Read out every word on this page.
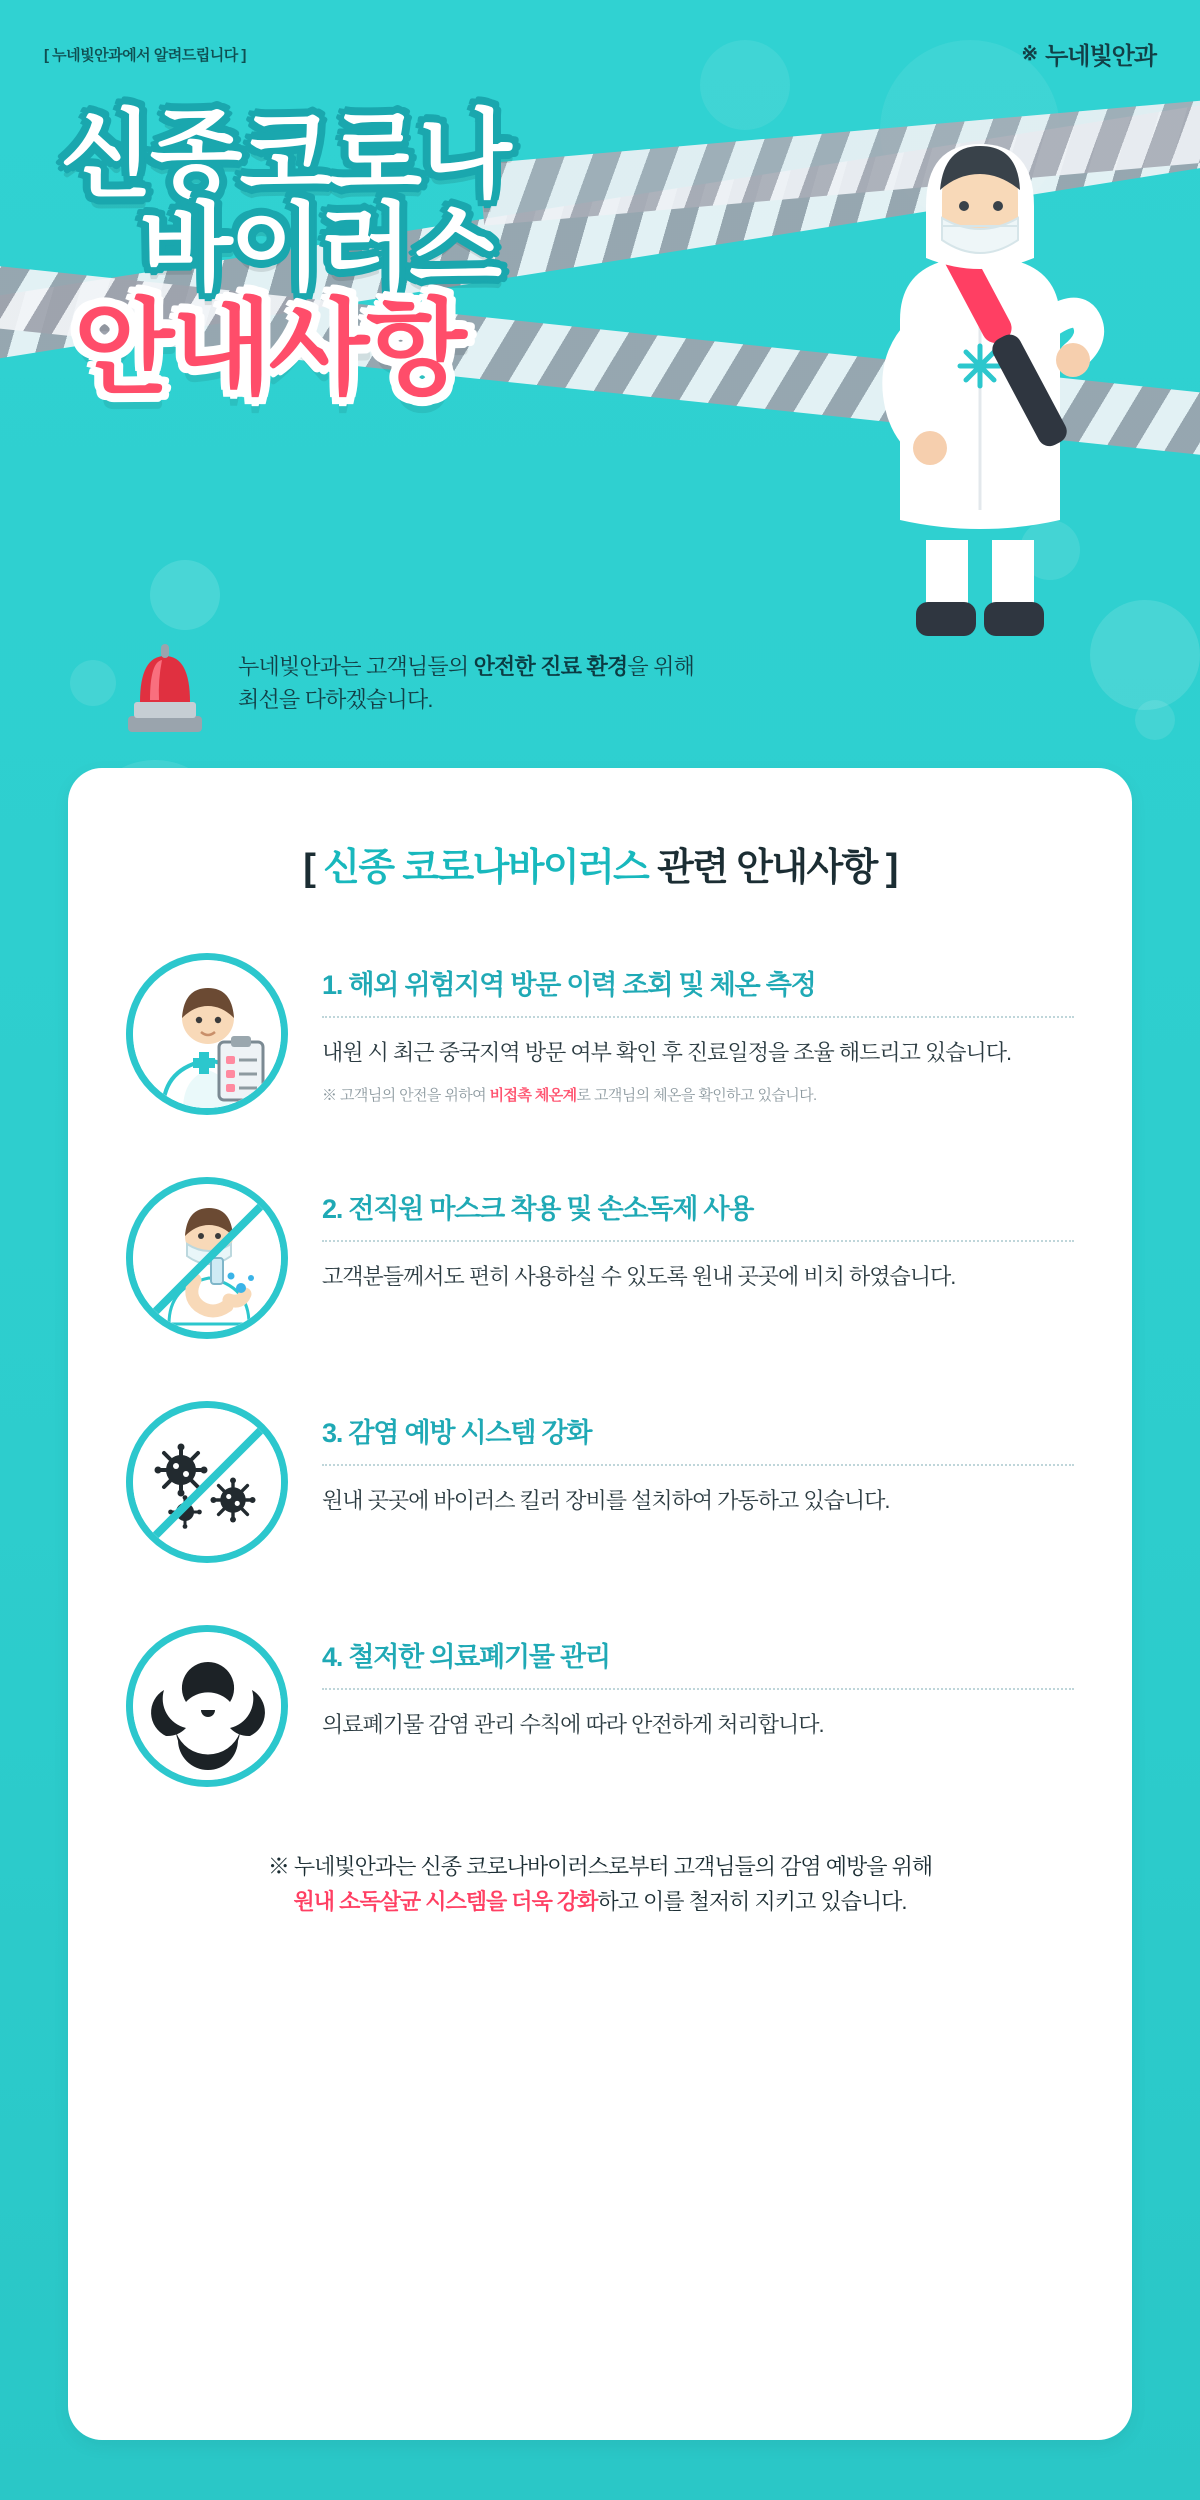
[ 누네빛안과에서 알려드립니다 ]	※ 누네빛안과
신종코로나
바이러스
안내사항
누네빛안과는 고객님들의 안전한 진료 환경을 위해
최선을 다하겠습니다.
[ 신종 코로나바이러스 관련 안내사항 ]
1. 해외 위험지역 방문 이력 조회 및 체온 측정
내원 시 최근 중국지역 방문 여부 확인 후 진료일정을 조율 해드리고 있습니다.
※ 고객님의 안전을 위하여 비접촉 체온계로 고객님의 체온을 확인하고 있습니다.
2. 전직원 마스크 착용 및 손소독제 사용
고객분들께서도 편히 사용하실 수 있도록 원내 곳곳에 비치 하였습니다.
3. 감염 예방 시스템 강화
원내 곳곳에 바이러스 킬러 장비를 설치하여 가동하고 있습니다.
4. 철저한 의료폐기물 관리
의료폐기물 감염 관리 수칙에 따라 안전하게 처리합니다.
※ 누네빛안과는 신종 코로나바이러스로부터 고객님들의 감염 예방을 위해
원내 소독살균 시스템을 더욱 강화하고 이를 철저히 지키고 있습니다.
